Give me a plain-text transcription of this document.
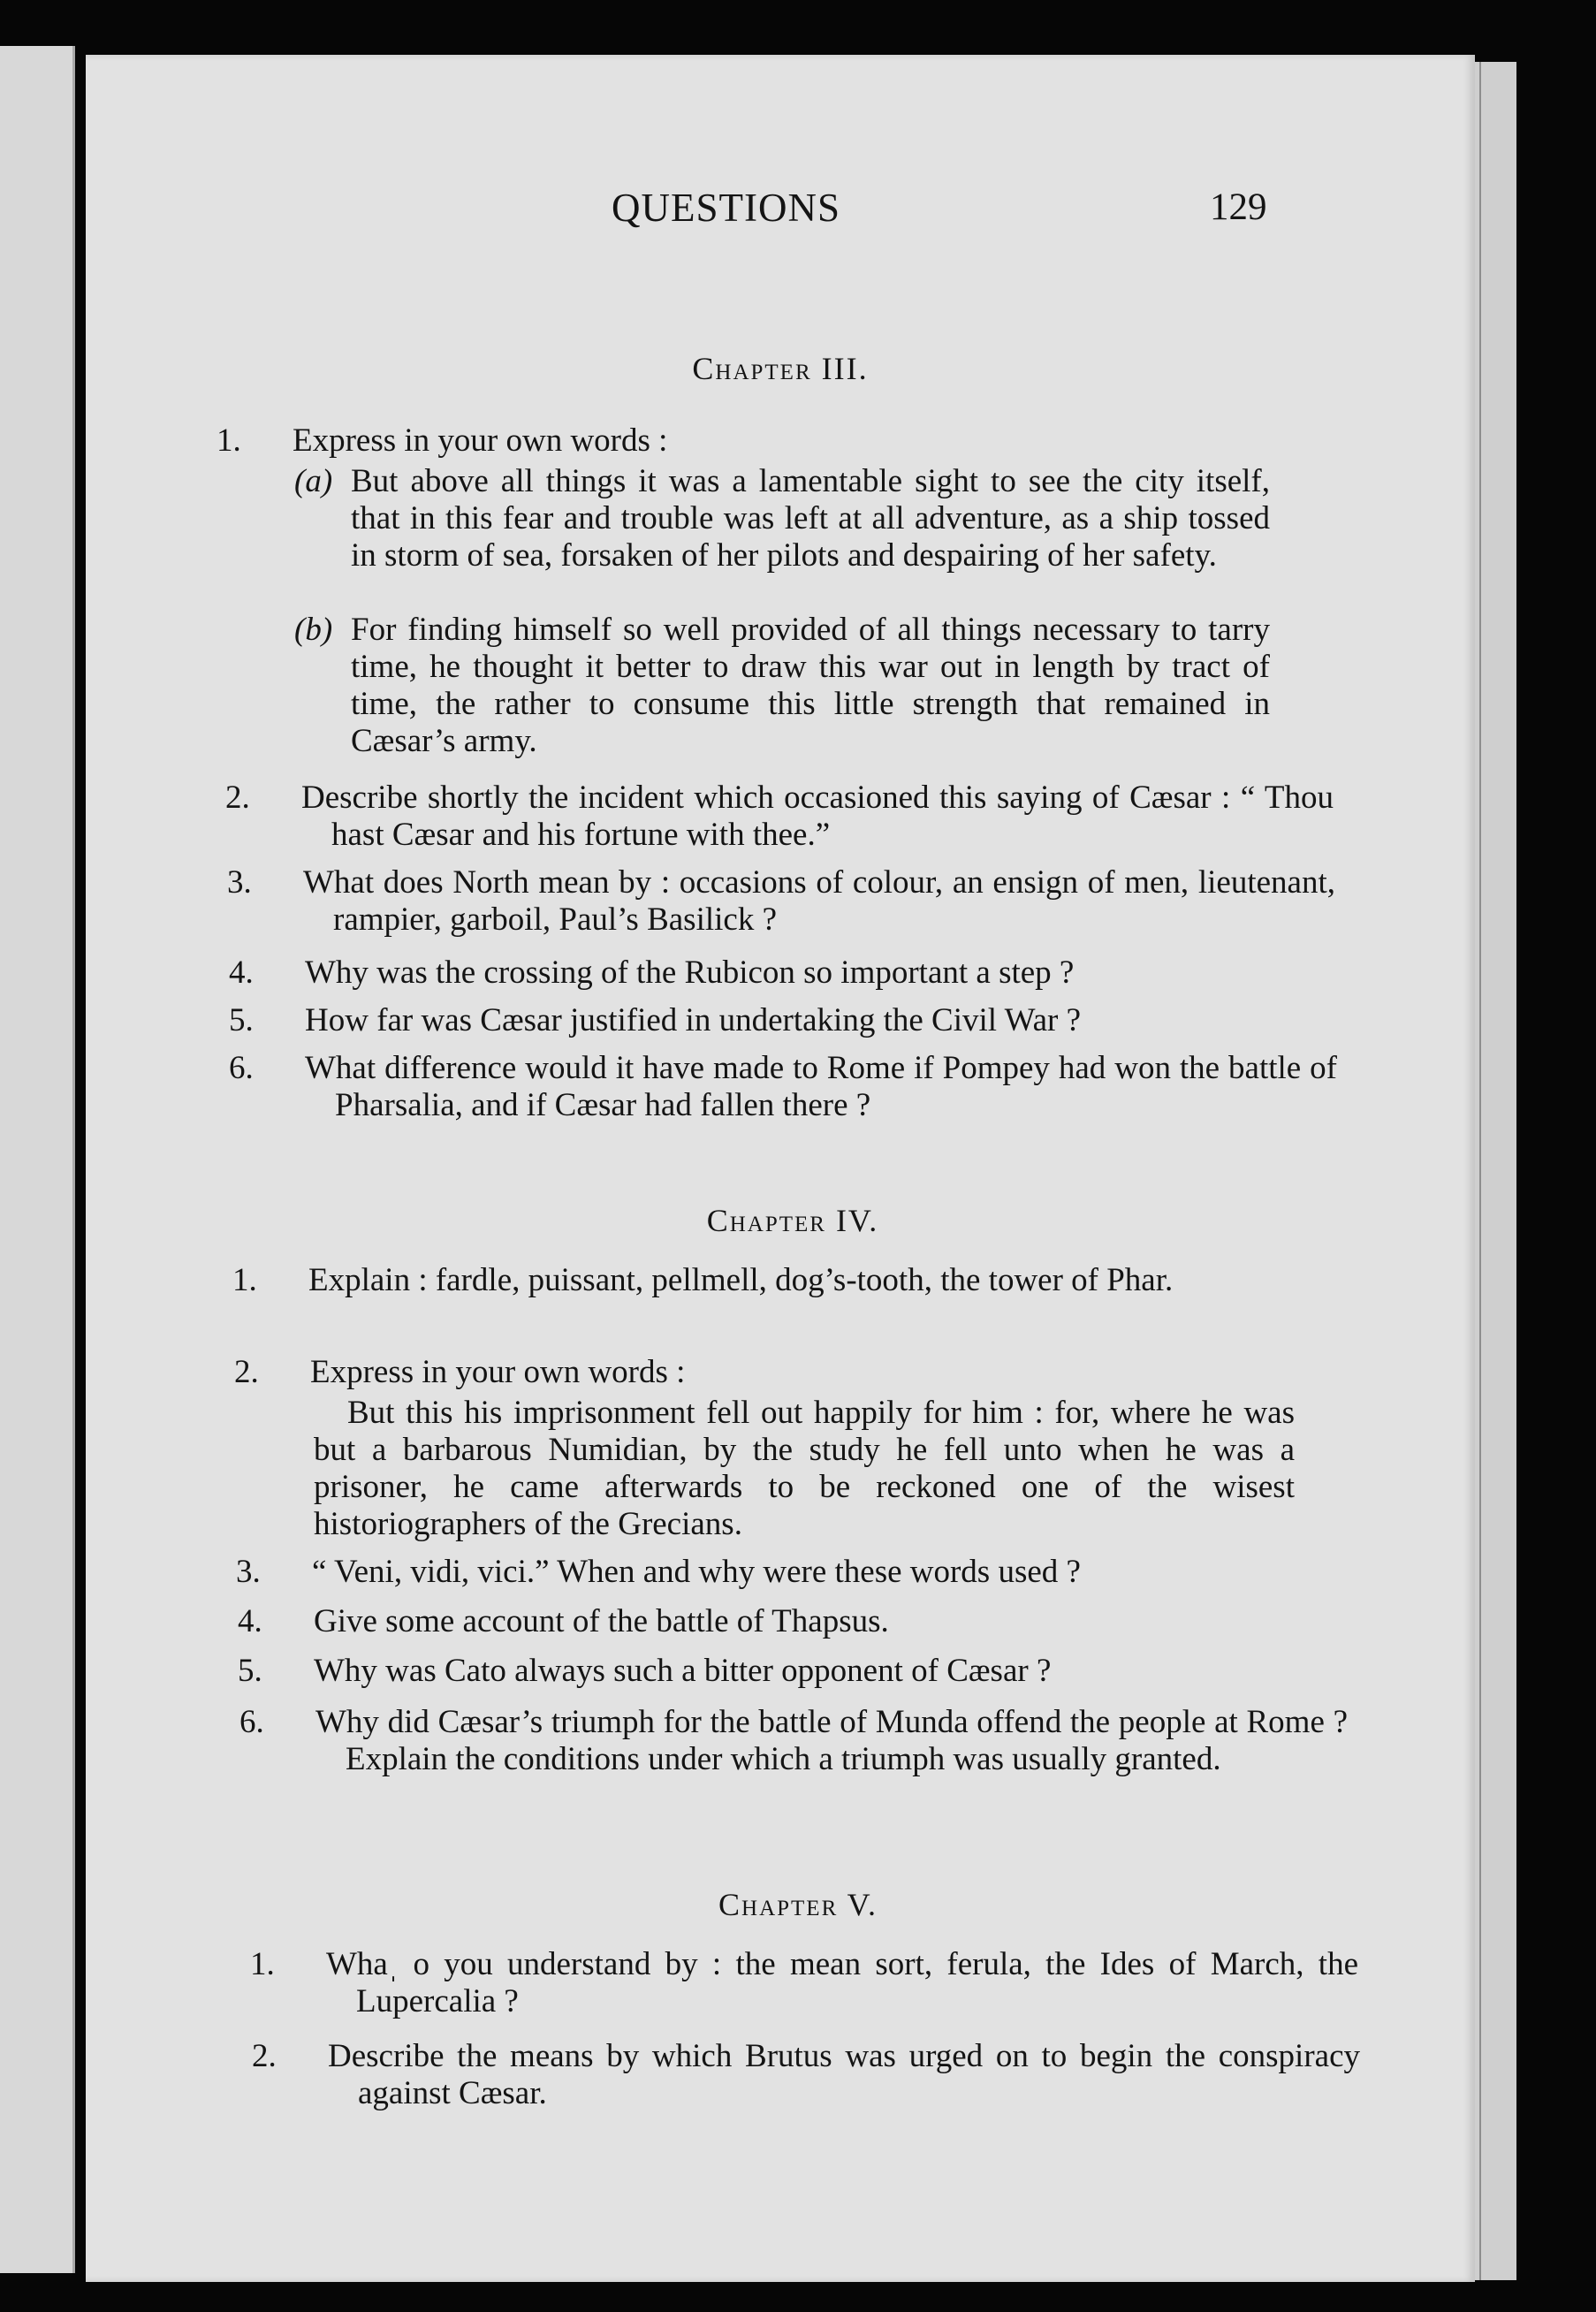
QUESTIONS	129
Chapter III.
1.	Express in your own words :
(a) But above all things it was a lamentable sight to see the city itself, that in this fear and trouble was left at all adventure, as a ship tossed in storm of sea, forsaken of her pilots and despairing of her safety.
(b) For finding himself so well provided of all things necessary to tarry time, he thought it better to draw this war out in length by tract of time, the rather to consume this little strength that remained in Cæsar’s army.
2.	Describe shortly the incident which occasioned this saying of Cæsar : “ Thou hast Cæsar and his fortune with thee.”
3.	What does North mean by : occasions of colour, an ensign of men, lieutenant, rampier, garboil, Paul’s Basilick ?
4.	Why was the crossing of the Rubicon so important a step ?
5.	How far was Cæsar justified in undertaking the Civil War ?
6.	What difference would it have made to Rome if Pompey had won the battle of Pharsalia, and if Cæsar had fallen there ?
Chapter IV.
1.	Explain : fardle, puissant, pellmell, dog’s-tooth, the tower of Phar.
2.	Express in your own words :
But this his imprisonment fell out happily for him : for, where he was but a barbarous Numidian, by the study he fell unto when he was a prisoner, he came afterwards to be reckoned one of the wisest historiographers of the Grecians.
3.	“ Veni, vidi, vici.” When and why were these words used ?
4.	Give some account of the battle of Thapsus.
5.	Why was Cato always such a bitter opponent of Cæsar ?
6.	Why did Cæsar’s triumph for the battle of Munda offend the people at Rome ? Explain the conditions under which a triumph was usually granted.
Chapter V.
1.	Whaˌ o you understand by : the mean sort, ferula, the Ides of March, the Lupercalia ?
2.	Describe the means by which Brutus was urged on to begin the conspiracy against Cæsar.
